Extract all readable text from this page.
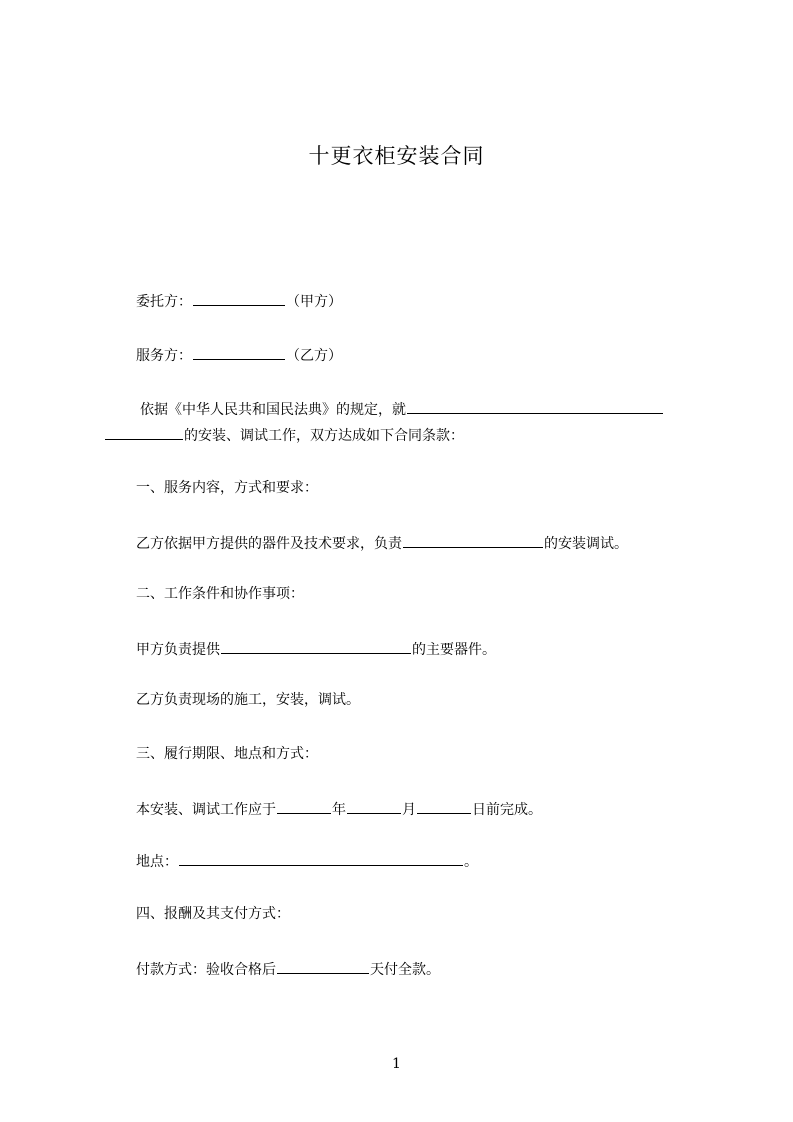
十更衣柜安装合同
委托方：	（甲方）
服务方：	（乙方）
依据《中华人民共和国民法典》的规定，就
的安装、调试工作，双方达成如下合同条款：
一、服务内容，方式和要求：
乙方依据甲方提供的器件及技术要求，负责	的安装调试。
二、工作条件和协作事项：
甲方负责提供	的主要器件。
乙方负责现场的施工，安装，调试。
三、履行期限、地点和方式：
本安装、调试工作应于	年	月	日前完成。
地点：	。
四、报酬及其支付方式：
付款方式：验收合格后	天付全款。
1
